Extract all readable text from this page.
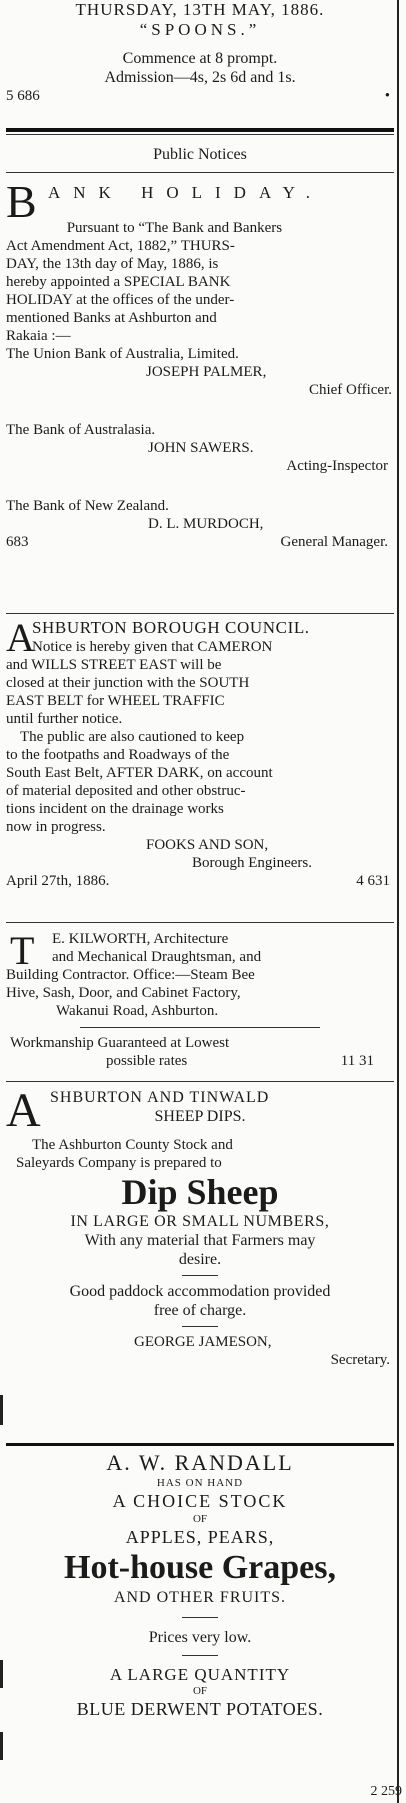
THURSDAY, 13TH MAY, 1886.
“SPOONS.”
Commence at 8 prompt.
Admission—4s, 2s 6d and 1s.
5 686	•
Public Notices
B ANK HOLIDAY.
Pursuant to “The Bank and Bankers
Act Amendment Act, 1882,” THURS-
DAY, the 13th day of May, 1886, is
hereby appointed a SPECIAL BANK
HOLIDAY at the offices of the under-
mentioned Banks at Ashburton and
Rakaia :—
The Union Bank of Australia, Limited.
JOSEPH PALMER,
Chief Officer.
The Bank of Australasia.
JOHN SAWERS.
Acting-Inspector
The Bank of New Zealand.
D. L. MURDOCH,
683	General Manager.
A
SHBURTON BOROUGH COUNCIL.
Notice is hereby given that CAMERON
and WILLS STREET EAST will be
closed at their junction with the SOUTH
EAST BELT for WHEEL TRAFFIC
until further notice.
The public are also cautioned to keep
to the footpaths and Roadways of the
South East Belt, AFTER DARK, on account
of material deposited and other obstruc-
tions incident on the drainage works
now in progress.
FOOKS AND SON,
Borough Engineers.
April 27th, 1886.	4 631
T	E. KILWORTH, Architecture
and Mechanical Draughtsman, and
Building Contractor. Office:—Steam Bee
Hive, Sash, Door, and Cabinet Factory,
Wakanui Road, Ashburton.
Workmanship Guaranteed at Lowest
possible rates	11 31
A SHBURTON AND TINWALD
SHEEP DIPS.
The Ashburton County Stock and
Saleyards Company is prepared to
Dip Sheep
IN LARGE OR SMALL NUMBERS,
With any material that Farmers may
desire.
Good paddock accommodation provided
free of charge.
GEORGE JAMESON,
Secretary.
A. W. RANDALL
HAS ON HAND
A CHOICE STOCK
OF
APPLES, PEARS,
Hot-house Grapes,
AND OTHER FRUITS.
Prices very low.
A LARGE QUANTITY
OF
BLUE DERWENT POTATOES.
2 259
